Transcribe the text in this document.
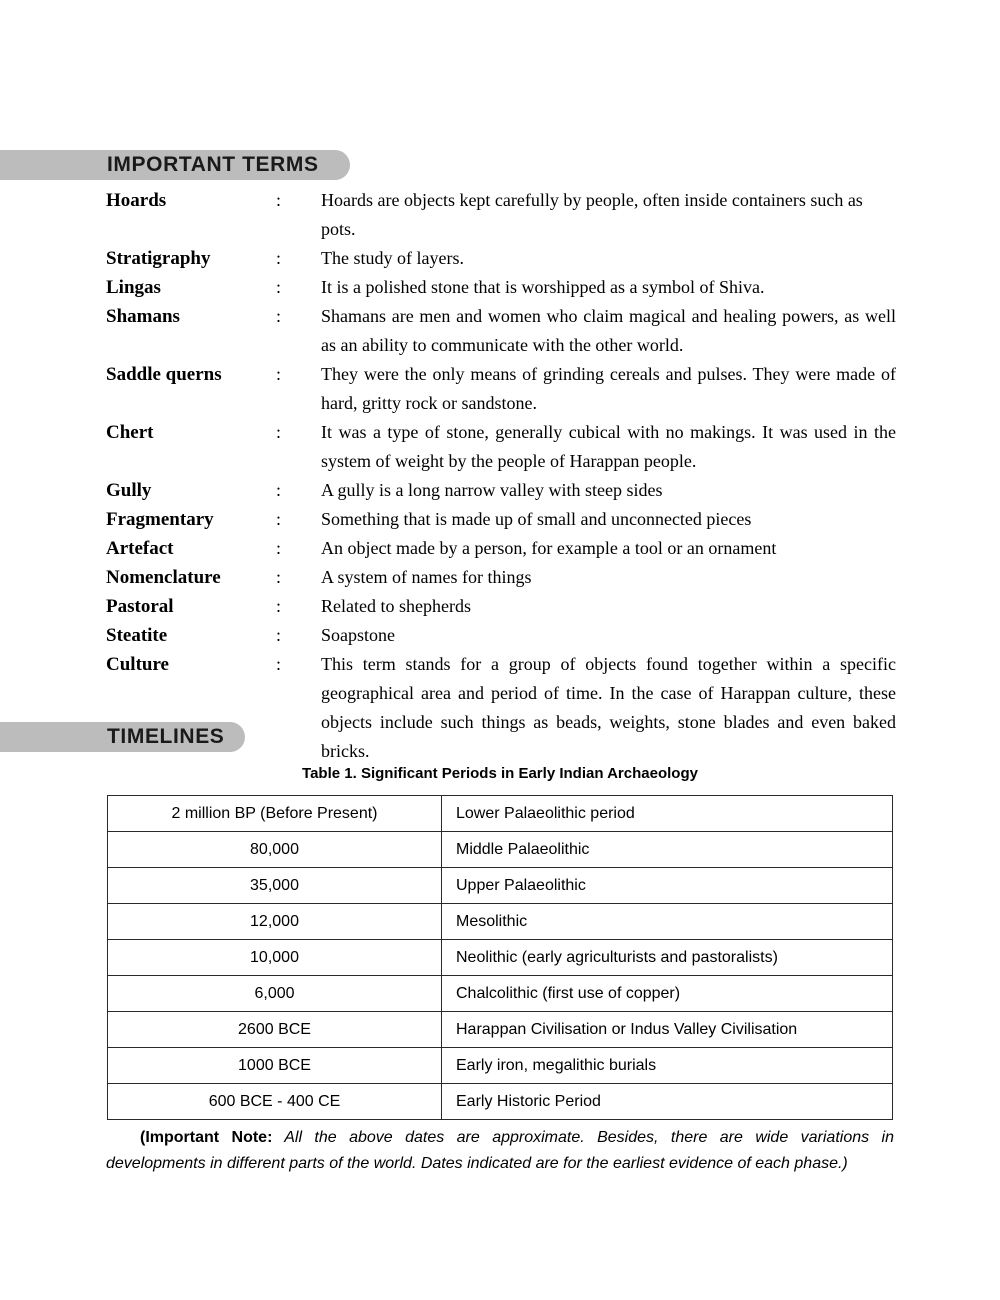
IMPORTANT TERMS
Hoards	:	Hoards are objects kept carefully by people, often inside containers such as pots.
Stratigraphy	:	The study of layers.
Lingas	:	It is a polished stone that is worshipped as a symbol of Shiva.
Shamans	:	Shamans are men and women who claim magical and healing powers, as well as an ability to communicate with the other world.
Saddle querns	:	They were the only means of grinding cereals and pulses. They were made of hard, gritty rock or sandstone.
Chert	:	It was a type of stone, generally cubical with no makings. It was used in the system of weight by the people of Harappan people.
Gully	:	A gully is a long narrow valley with steep sides
Fragmentary	:	Something that is made up of small and unconnected pieces
Artefact	:	An object made by a person, for example a tool or an ornament
Nomenclature	:	A system of names for things
Pastoral	:	Related to shepherds
Steatite	:	Soapstone
Culture	:	This term stands for a group of objects found together within a specific geographical area and period of time. In the case of Harappan culture, these objects include such things as beads, weights, stone blades and even baked bricks.
TIMELINES
Table 1. Significant Periods in Early Indian Archaeology
2 million BP (Before Present)	Lower Palaeolithic period
80,000	Middle Palaeolithic
35,000	Upper Palaeolithic
12,000	Mesolithic
10,000	Neolithic (early agriculturists and pastoralists)
6,000	Chalcolithic (first use of copper)
2600 BCE	Harappan Civilisation or Indus Valley Civilisation
1000 BCE	Early iron, megalithic burials
600 BCE - 400 CE	Early Historic Period
(Important Note: All the above dates are approximate. Besides, there are wide variations in developments in different parts of the world. Dates indicated are for the earliest evidence of each phase.)
